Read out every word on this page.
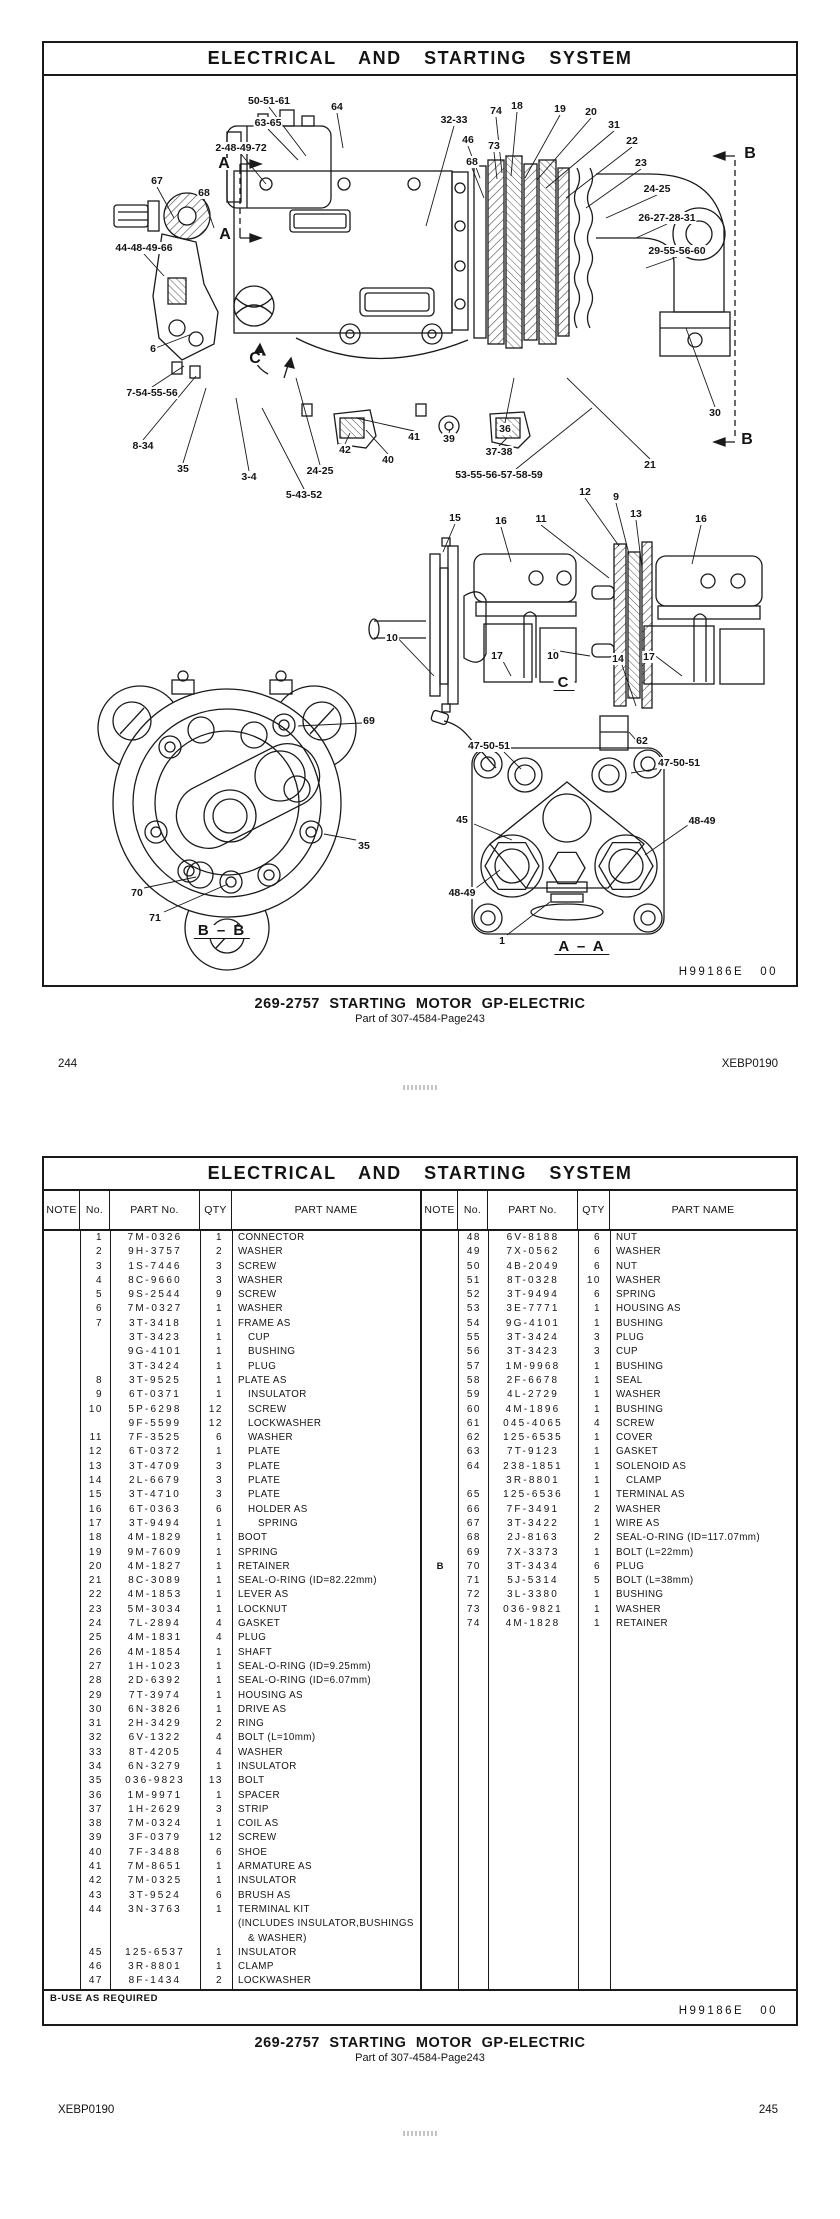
ELECTRICAL AND STARTING SYSTEM
50-51-61	64
63-65
2-48-49-72
67
68
44-48-49-66
32-33
74 18	19 20
46 73
68
31
22
23
24-25
26-27-28-31
29-55-56-60
6
7-54-55-56
8-34
35
3-4	24-25
5-43-52
42
40
41 39
36
37-38
53-55-56-57-58-59
30
21
15	16	11
12 9
13	16
10
17	10	14 17
69
35
70
71
47-50-51	62
47-50-51
45	48-49
48-49
1
A
A
B
B
C
B – B
A – A
C
H99186E 00
269-2757 STARTING MOTOR GP-ELECTRIC
Part of 307-4584-Page243
244	XEBP0190
ELECTRICAL AND STARTING SYSTEM
NOTE No.	PART No.	QTY	PART NAME
1	7M-0326	1	CONNECTOR
2	9H-3757	2	WASHER
3	1S-7446	3	SCREW
4	8C-9660	3	WASHER
5	9S-2544	9	SCREW
6	7M-0327	1	WASHER
7	3T-3418	1	FRAME AS
3T-3423	1	CUP
9G-4101	1	BUSHING
3T-3424	1	PLUG
8	3T-9525	1	PLATE AS
9	6T-0371	1	INSULATOR
10	5P-6298	12	SCREW
9F-5599	12	LOCKWASHER
11	7F-3525	6	WASHER
12	6T-0372	1	PLATE
13	3T-4709	3	PLATE
14	2L-6679	3	PLATE
15	3T-4710	3	PLATE
16	6T-0363	6	HOLDER AS
17	3T-9494	1	SPRING
18	4M-1829	1	BOOT
19	9M-7609	1	SPRING
20	4M-1827	1	RETAINER
21	8C-3089	1	SEAL-O-RING (ID=82.22mm)
22	4M-1853	1	LEVER AS
23	5M-3034	1	LOCKNUT
24	7L-2894	4	GASKET
25	4M-1831	4	PLUG
26	4M-1854	1	SHAFT
27	1H-1023	1	SEAL-O-RING (ID=9.25mm)
28	2D-6392	1	SEAL-O-RING (ID=6.07mm)
29	7T-3974	1	HOUSING AS
30	6N-3826	1	DRIVE AS
31	2H-3429	2	RING
32	6V-1322	4	BOLT (L=10mm)
33	8T-4205	4	WASHER
34	6N-3279	1	INSULATOR
35	036-9823	13	BOLT
36	1M-9971	1	SPACER
37	1H-2629	3	STRIP
38	7M-0324	1	COIL AS
39	3F-0379	12	SCREW
40	7F-3488	6	SHOE
41	7M-8651	1	ARMATURE AS
42	7M-0325	1	INSULATOR
43	3T-9524	6	BRUSH AS
44	3N-3763	1	TERMINAL KIT
(INCLUDES INSULATOR,BUSHINGS
& WASHER)
45	125-6537	1	INSULATOR
46	3R-8801	1	CLAMP
47	8F-1434	2	LOCKWASHER
NOTE No.	PART No.	QTY	PART NAME
48	6V-8188	6	NUT
49	7X-0562	6	WASHER
50	4B-2049	6	NUT
51	8T-0328	10	WASHER
52	3T-9494	6	SPRING
53	3E-7771	1	HOUSING AS
54	9G-4101	1	BUSHING
55	3T-3424	3	PLUG
56	3T-3423	3	CUP
57	1M-9968	1	BUSHING
58	2F-6678	1	SEAL
59	4L-2729	1	WASHER
60	4M-1896	1	BUSHING
61	045-4065	4	SCREW
62	125-6535	1	COVER
63	7T-9123	1	GASKET
64	238-1851	1	SOLENOID AS
3R-8801	1	CLAMP
65	125-6536	1	TERMINAL AS
66	7F-3491	2	WASHER
67	3T-3422	1	WIRE AS
68	2J-8163	2	SEAL-O-RING (ID=117.07mm)
69	7X-3373	1	BOLT (L=22mm)
B	70	3T-3434	6	PLUG
71	5J-5314	5	BOLT (L=38mm)
72	3L-3380	1	BUSHING
73	036-9821	1	WASHER
74	4M-1828	1	RETAINER
B-USE AS REQUIRED
H99186E 00
269-2757 STARTING MOTOR GP-ELECTRIC
Part of 307-4584-Page243
XEBP0190	245
